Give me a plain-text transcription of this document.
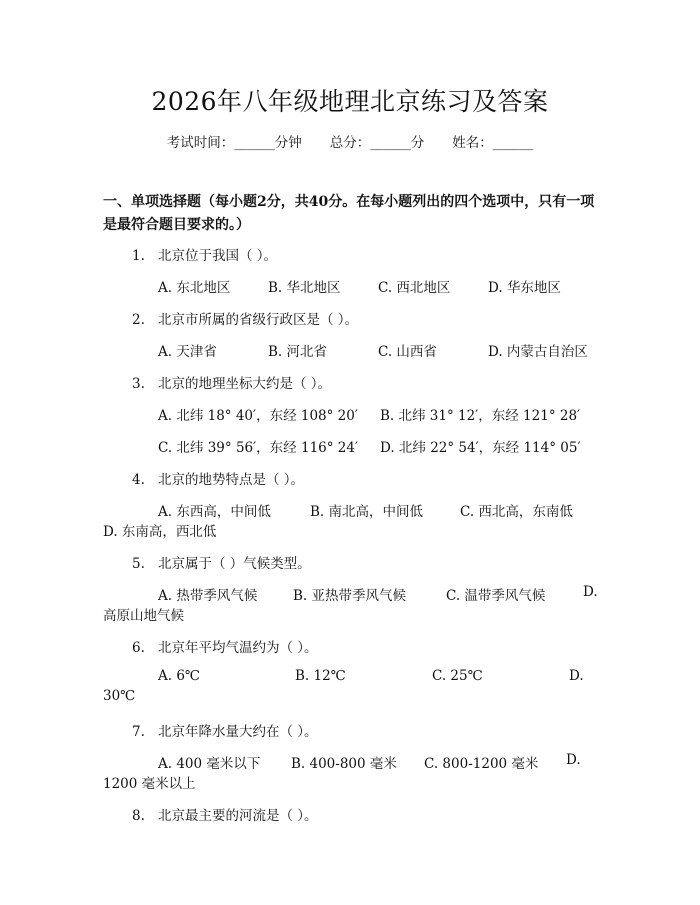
2026年八年级地理北京练习及答案
考试时间：______分钟 总分：______分 姓名：______
一、单项选择题（每小题2分，共40分。在每小题列出的四个选项中，只有一项是最符合题目要求的。）
1. 北京位于我国（ ）。
A. 东北地区	B. 华北地区	C. 西北地区	D. 华东地区
2. 北京市所属的省级行政区是（ ）。
A. 天津省	B. 河北省	C. 山西省	D. 内蒙古自治区
3. 北京的地理坐标大约是（ ）。
A. 北纬 18° 40′，东经 108° 20′ B. 北纬 31° 12′，东经 121° 28′
C. 北纬 39° 56′，东经 116° 24′ D. 北纬 22° 54′，东经 114° 05′
4. 北京的地势特点是（ ）。
A. 东西高，中间低	B. 南北高，中间低	C. 西北高，东南低
D. 东南高，西北低
5. 北京属于（ ）气候类型。
A. 热带季风气候	B. 亚热带季风气候	C. 温带季风气候	D.
高原山地气候
6. 北京年平均气温约为（ ）。
A. 6℃	B. 12℃	C. 25℃	D.
30℃
7. 北京年降水量大约在（ ）。
A. 400 毫米以下 B. 400-800 毫米 C. 800-1200 毫米 D.
1200 毫米以上
8. 北京最主要的河流是（ ）。
